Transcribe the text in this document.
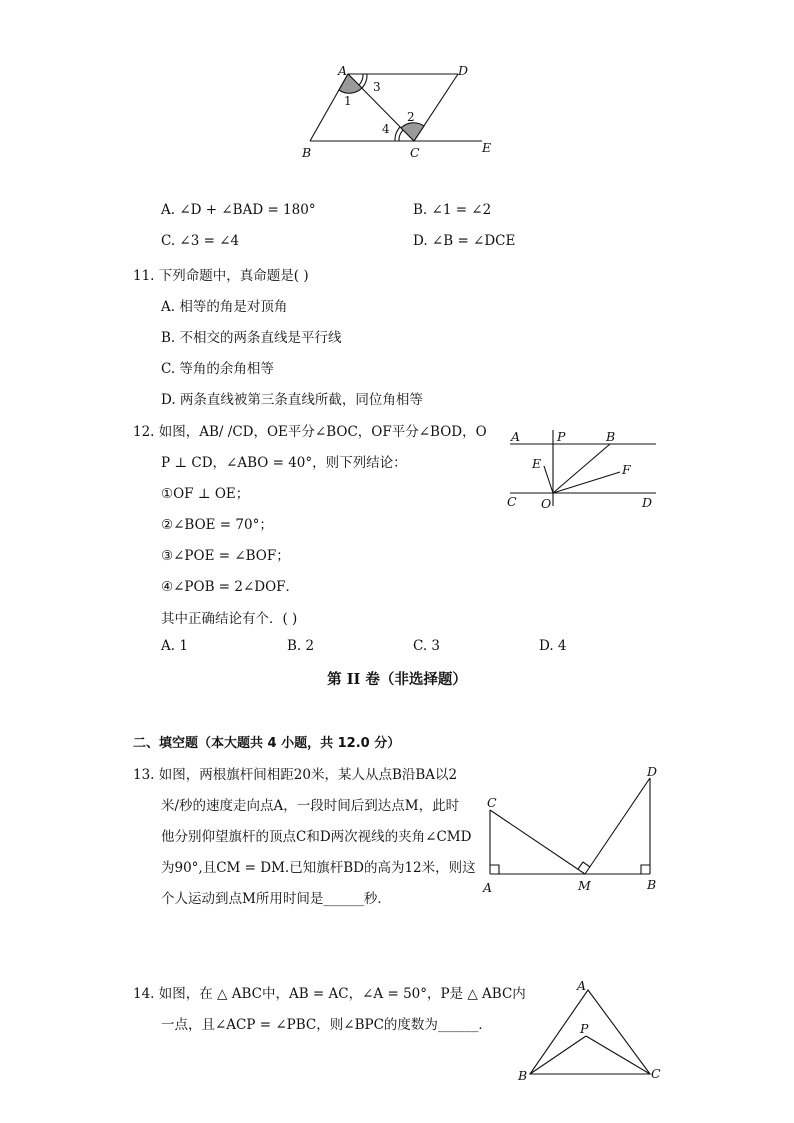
A	D
B	C	E
1
2
3
4
A. ∠D + ∠BAD = 180°	B. ∠1 = ∠2
C. ∠3 = ∠4	D. ∠B = ∠DCE
11. 下列命题中，真命题是( )
A. 相等的角是对顶角
B. 不相交的两条直线是平行线
C. 等角的余角相等
D. 两条直线被第三条直线所截，同位角相等
12. 如图，AB/ /CD，OE平分∠BOC，OF平分∠BOD，O
P ⊥ CD，∠ABO = 40°，则下列结论：
①OF ⊥ OE；
②∠BOE = 70°；
③∠POE = ∠BOF；
④∠POB = 2∠DOF．
其中正确结论有个．( )
A. 1	B. 2	C. 3	D. 4
A	P	B
E	F
C O	D
第 II 卷（非选择题）
二、填空题（本大题共 4 小题，共 12.0 分）
13. 如图，两根旗杆间相距20米，某人从点B沿BA以2
米/秒的速度走向点A，一段时间后到达点M，此时
他分别仰望旗杆的顶点C和D两次视线的夹角∠CMD
为90°,且CM = DM.已知旗杆BD的高为12米，则这
个人运动到点M所用时间是______秒．
C
D
A	M	B
14. 如图，在 △ ABC中，AB = AC，∠A = 50°，P是 △ ABC内
一点，且∠ACP = ∠PBC，则∠BPC的度数为______．
A
P
B	C
